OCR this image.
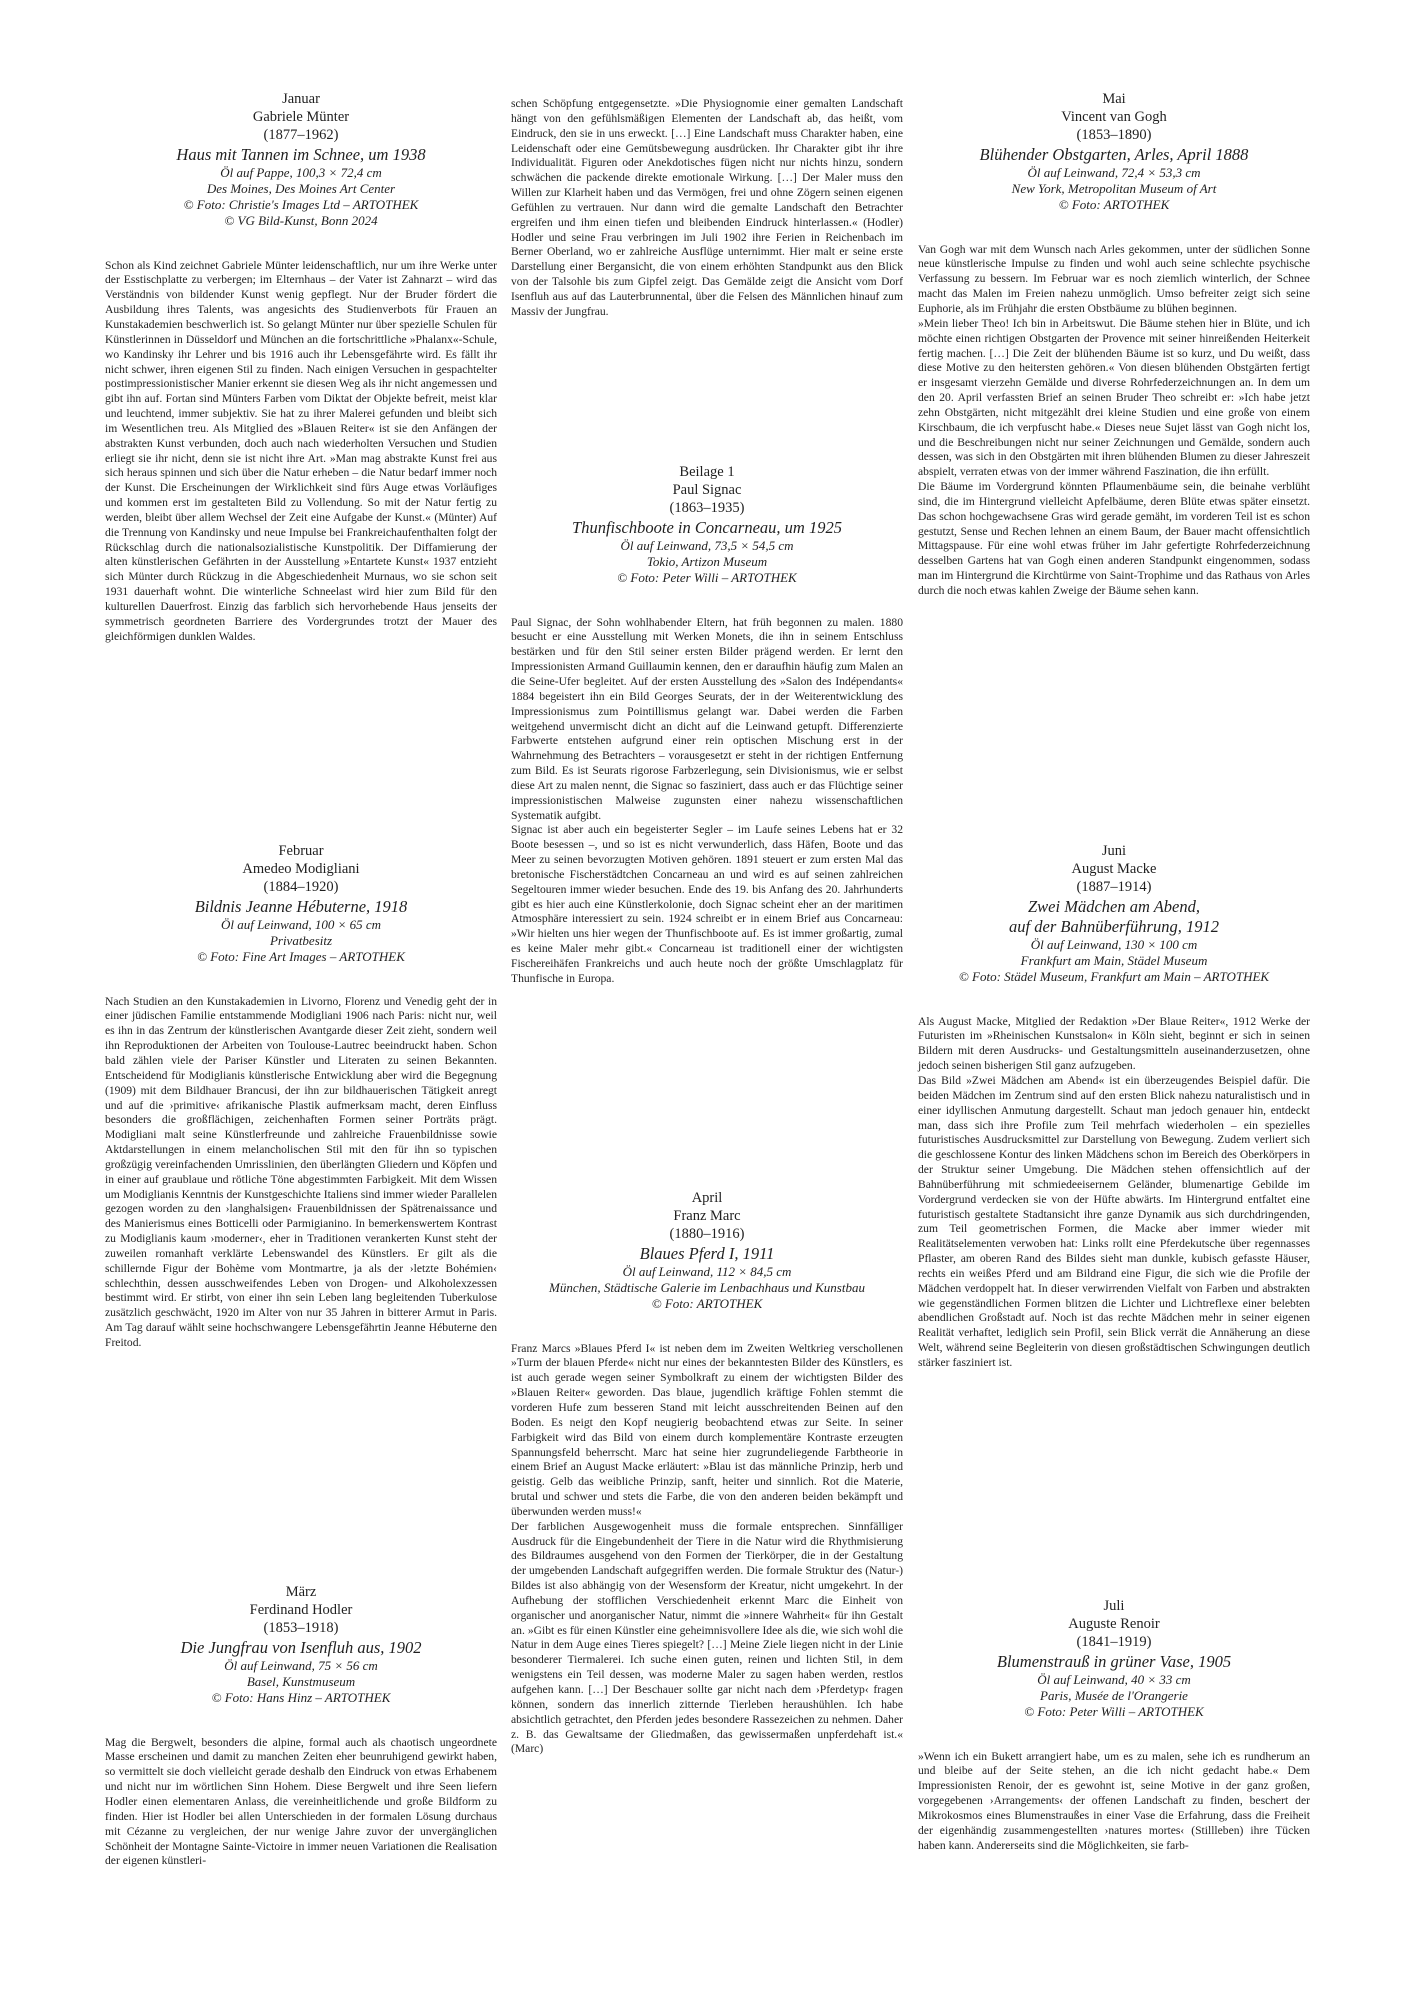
Januar
Gabriele Münter
(1877–1962)
Haus mit Tannen im Schnee, um 1938
Öl auf Pappe, 100,3 × 72,4 cm
Des Moines, Des Moines Art Center
© Foto: Christie's Images Ltd – ARTOTHEK
© VG Bild-Kunst, Bonn 2024

Schon als Kind zeichnet Gabriele Münter leidenschaftlich, nur um ihre Werke unter der Esstischplatte zu verbergen; im Elternhaus – der Vater ist Zahnarzt – wird das Verständnis von bildender Kunst wenig gepflegt. Nur der Bruder fördert die Ausbildung ihres Talents, was angesichts des Studienverbots für Frauen an Kunstakademien beschwerlich ist. So gelangt Münter nur über spezielle Schulen für Künstlerinnen in Düsseldorf und München an die fortschrittliche »Phalanx«-Schule, wo Kandinsky ihr Lehrer und bis 1916 auch ihr Lebensgefährte wird. Es fällt ihr nicht schwer, ihren eigenen Stil zu finden. Nach einigen Versuchen in gespachtelter postimpressionistischer Manier erkennt sie diesen Weg als ihr nicht angemessen und gibt ihn auf. Fortan sind Münters Farben vom Diktat der Objekte befreit, meist klar und leuchtend, immer subjektiv. Sie hat zu ihrer Malerei gefunden und bleibt sich im Wesentlichen treu. Als Mitglied des »Blauen Reiter« ist sie den Anfängen der abstrakten Kunst verbunden, doch auch nach wiederholten Versuchen und Studien erliegt sie ihr nicht, denn sie ist nicht ihre Art. »Man mag abstrakte Kunst frei aus sich heraus spinnen und sich über die Natur erheben – die Natur bedarf immer noch der Kunst. Die Erscheinungen der Wirklichkeit sind fürs Auge etwas Vorläufiges und kommen erst im gestalteten Bild zu Vollendung. So mit der Natur fertig zu werden, bleibt über allem Wechsel der Zeit eine Aufgabe der Kunst.« (Münter) Auf die Trennung von Kandinsky und neue Impulse bei Frankreichaufenthalten folgt der Rückschlag durch die nationalsozialistische Kunstpolitik. Der Diffamierung der alten künstlerischen Gefährten in der Ausstellung »Entartete Kunst« 1937 entzieht sich Münter durch Rückzug in die Abgeschiedenheit Murnaus, wo sie schon seit 1931 dauerhaft wohnt. Die winterliche Schneelast wird hier zum Bild für den kulturellen Dauerfrost. Einzig das farblich sich hervorhebende Haus jenseits der symmetrisch geordneten Barriere des Vordergrundes trotzt der Mauer des gleichförmigen dunklen Waldes.

Februar
Amedeo Modigliani
(1884–1920)
Bildnis Jeanne Hébuterne, 1918
Öl auf Leinwand, 100 × 65 cm
Privatbesitz
© Foto: Fine Art Images – ARTOTHEK

Nach Studien an den Kunstakademien in Livorno, Florenz und Venedig geht der in einer jüdischen Familie entstammende Modigliani 1906 nach Paris: nicht nur, weil es ihn in das Zentrum der künstlerischen Avantgarde dieser Zeit zieht, sondern weil ihn Reproduktionen der Arbeiten von Toulouse-Lautrec beeindruckt haben. Schon bald zählen viele der Pariser Künstler und Literaten zu seinen Bekannten. Entscheidend für Modiglianis künstlerische Entwicklung aber wird die Begegnung (1909) mit dem Bildhauer Brancusi, der ihn zur bildhauerischen Tätigkeit anregt und auf die ›primitive‹ afrikanische Plastik aufmerksam macht, deren Einfluss besonders die großflächigen, zeichenhaften Formen seiner Porträts prägt. Modigliani malt seine Künstlerfreunde und zahlreiche Frauenbildnisse sowie Aktdarstellungen in einem melancholischen Stil mit den für ihn so typischen großzügig vereinfachenden Umrisslinien, den überlängten Gliedern und Köpfen und in einer auf graublaue und rötliche Töne abgestimmten Farbigkeit. Mit dem Wissen um Modiglianis Kenntnis der Kunstgeschichte Italiens sind immer wieder Parallelen gezogen worden zu den ›langhalsigen‹ Frauenbildnissen der Spätrenaissance und des Manierismus eines Botticelli oder Parmigianino. In bemerkenswertem Kontrast zu Modiglianis kaum ›moderner‹, eher in Traditionen verankerten Kunst steht der zuweilen romanhaft verklärte Lebenswandel des Künstlers. Er gilt als die schillernde Figur der Bohème vom Montmartre, ja als der ›letzte Bohémien‹ schlechthin, dessen ausschweifendes Leben von Drogen- und Alkoholexzessen bestimmt wird. Er stirbt, von einer ihn sein Leben lang begleitenden Tuberkulose zusätzlich geschwächt, 1920 im Alter von nur 35 Jahren in bitterer Armut in Paris. Am Tag darauf wählt seine hochschwangere Lebensgefährtin Jeanne Hébuterne den Freitod.

März
Ferdinand Hodler
(1853–1918)
Die Jungfrau von Isenfluh aus, 1902
Öl auf Leinwand, 75 × 56 cm
Basel, Kunstmuseum
© Foto: Hans Hinz – ARTOTHEK

Mag die Bergwelt, besonders die alpine, formal auch als chaotisch ungeordnete Masse erscheinen und damit zu manchen Zeiten eher beunruhigend gewirkt haben, so vermittelt sie doch vielleicht gerade deshalb den Eindruck von etwas Erhabenem und nicht nur im wörtlichen Sinn Hohem. Diese Bergwelt und ihre Seen liefern Hodler einen elementaren Anlass, die vereinheitlichende und große Bildform zu finden. Hier ist Hodler bei allen Unterschieden in der formalen Lösung durchaus mit Cézanne zu vergleichen, der nur wenige Jahre zuvor der unvergänglichen Schönheit der Montagne Sainte-Victoire in immer neuen Variationen die Realisation der eigenen künstleri-

schen Schöpfung entgegensetzte. »Die Physiognomie einer gemalten Landschaft hängt von den gefühlsmäßigen Elementen der Landschaft ab, das heißt, vom Eindruck, den sie in uns erweckt. […] Eine Landschaft muss Charakter haben, eine Leidenschaft oder eine Gemütsbewegung ausdrücken. Ihr Charakter gibt ihr ihre Individualität. Figuren oder Anekdotisches fügen nicht nur nichts hinzu, sondern schwächen die packende direkte emotionale Wirkung. […] Der Maler muss den Willen zur Klarheit haben und das Vermögen, frei und ohne Zögern seinen eigenen Gefühlen zu vertrauen. Nur dann wird die gemalte Landschaft den Betrachter ergreifen und ihm einen tiefen und bleibenden Eindruck hinterlassen.« (Hodler) Hodler und seine Frau verbringen im Juli 1902 ihre Ferien in Reichenbach im Berner Oberland, wo er zahlreiche Ausflüge unternimmt. Hier malt er seine erste Darstellung einer Bergansicht, die von einem erhöhten Standpunkt aus den Blick von der Talsohle bis zum Gipfel zeigt. Das Gemälde zeigt die Ansicht vom Dorf Isenfluh aus auf das Lauterbrunnental, über die Felsen des Männlichen hinauf zum Massiv der Jungfrau.

Beilage 1
Paul Signac
(1863–1935)
Thunfischboote in Concarneau, um 1925
Öl auf Leinwand, 73,5 × 54,5 cm
Tokio, Artizon Museum
© Foto: Peter Willi – ARTOTHEK

Paul Signac, der Sohn wohlhabender Eltern, hat früh begonnen zu malen. 1880 besucht er eine Ausstellung mit Werken Monets, die ihn in seinem Entschluss bestärken und für den Stil seiner ersten Bilder prägend werden. Er lernt den Impressionisten Armand Guillaumin kennen, den er daraufhin häufig zum Malen an die Seine-Ufer begleitet. Auf der ersten Ausstellung des »Salon des Indépendants« 1884 begeistert ihn ein Bild Georges Seurats, der in der Weiterentwicklung des Impressionismus zum Pointillismus gelangt war. Dabei werden die Farben weitgehend unvermischt dicht an dicht auf die Leinwand getupft. Differenzierte Farbwerte entstehen aufgrund einer rein optischen Mischung erst in der Wahrnehmung des Betrachters – vorausgesetzt er steht in der richtigen Entfernung zum Bild. Es ist Seurats rigorose Farbzerlegung, sein Divisionismus, wie er selbst diese Art zu malen nennt, die Signac so fasziniert, dass auch er das Flüchtige seiner impressionistischen Malweise zugunsten einer nahezu wissenschaftlichen Systematik aufgibt.

Signac ist aber auch ein begeisterter Segler – im Laufe seines Lebens hat er 32 Boote besessen –, und so ist es nicht verwunderlich, dass Häfen, Boote und das Meer zu seinen bevorzugten Motiven gehören. 1891 steuert er zum ersten Mal das bretonische Fischerstädtchen Concarneau an und wird es auf seinen zahlreichen Segeltouren immer wieder besuchen. Ende des 19. bis Anfang des 20. Jahrhunderts gibt es hier auch eine Künstlerkolonie, doch Signac scheint eher an der maritimen Atmosphäre interessiert zu sein. 1924 schreibt er in einem Brief aus Concarneau: »Wir hielten uns hier wegen der Thunfischboote auf. Es ist immer großartig, zumal es keine Maler mehr gibt.« Concarneau ist traditionell einer der wichtigsten Fischereihäfen Frankreichs und auch heute noch der größte Umschlagplatz für Thunfische in Europa.

April
Franz Marc
(1880–1916)
Blaues Pferd I, 1911
Öl auf Leinwand, 112 × 84,5 cm
München, Städtische Galerie im Lenbachhaus und Kunstbau
© Foto: ARTOTHEK

Franz Marcs »Blaues Pferd I« ist neben dem im Zweiten Weltkrieg verschollenen »Turm der blauen Pferde« nicht nur eines der bekanntesten Bilder des Künstlers, es ist auch gerade wegen seiner Symbolkraft zu einem der wichtigsten Bilder des »Blauen Reiter« geworden. Das blaue, jugendlich kräftige Fohlen stemmt die vorderen Hufe zum besseren Stand mit leicht ausschreitenden Beinen auf den Boden. Es neigt den Kopf neugierig beobachtend etwas zur Seite. In seiner Farbigkeit wird das Bild von einem durch komplementäre Kontraste erzeugten Spannungsfeld beherrscht. Marc hat seine hier zugrundeliegende Farbtheorie in einem Brief an August Macke erläutert: »Blau ist das männliche Prinzip, herb und geistig. Gelb das weibliche Prinzip, sanft, heiter und sinnlich. Rot die Materie, brutal und schwer und stets die Farbe, die von den anderen beiden bekämpft und überwunden werden muss!«

Der farblichen Ausgewogenheit muss die formale entsprechen. Sinnfälliger Ausdruck für die Eingebundenheit der Tiere in die Natur wird die Rhythmisierung des Bildraumes ausgehend von den Formen der Tierkörper, die in der Gestaltung der umgebenden Landschaft aufgegriffen werden. Die formale Struktur des (Natur-) Bildes ist also abhängig von der Wesensform der Kreatur, nicht umgekehrt. In der Aufhebung der stofflichen Verschiedenheit erkennt Marc die Einheit von organischer und anorganischer Natur, nimmt die »innere Wahrheit« für ihn Gestalt an. »Gibt es für einen Künstler eine geheimnisvollere Idee als die, wie sich wohl die Natur in dem Auge eines Tieres spiegelt? […] Meine Ziele liegen nicht in der Linie besonderer Tiermalerei. Ich suche einen guten, reinen und lichten Stil, in dem wenigstens ein Teil dessen, was moderne Maler zu sagen haben werden, restlos aufgehen kann. […] Der Beschauer sollte gar nicht nach dem ›Pferdetyp‹ fragen können, sondern das innerlich zitternde Tierleben heraushühlen. Ich habe absichtlich getrachtet, den Pferden jedes besondere Rassezeichen zu nehmen. Daher z. B. das Gewaltsame der Gliedmaßen, das gewissermaßen unpferdehaft ist.« (Marc)

Mai
Vincent van Gogh
(1853–1890)
Blühender Obstgarten, Arles, April 1888
Öl auf Leinwand, 72,4 × 53,3 cm
New York, Metropolitan Museum of Art
© Foto: ARTOTHEK

Van Gogh war mit dem Wunsch nach Arles gekommen, unter der südlichen Sonne neue künstlerische Impulse zu finden und wohl auch seine schlechte psychische Verfassung zu bessern. Im Februar war es noch ziemlich winterlich, der Schnee macht das Malen im Freien nahezu unmöglich. Umso befreiter zeigt sich seine Euphorie, als im Frühjahr die ersten Obstbäume zu blühen beginnen.

»Mein lieber Theo! Ich bin in Arbeitswut. Die Bäume stehen hier in Blüte, und ich möchte einen richtigen Obstgarten der Provence mit seiner hinreißenden Heiterkeit fertig machen. […] Die Zeit der blühenden Bäume ist so kurz, und Du weißt, dass diese Motive zu den heitersten gehören.« Von diesen blühenden Obstgärten fertigt er insgesamt vierzehn Gemälde und diverse Rohrfederzeichnungen an. In dem um den 20. April verfassten Brief an seinen Bruder Theo schreibt er: »Ich habe jetzt zehn Obstgärten, nicht mitgezählt drei kleine Studien und eine große von einem Kirschbaum, die ich verpfuscht habe.« Dieses neue Sujet lässt van Gogh nicht los, und die Beschreibungen nicht nur seiner Zeichnungen und Gemälde, sondern auch dessen, was sich in den Obstgärten mit ihren blühenden Blumen zu dieser Jahreszeit abspielt, verraten etwas von der immer während Faszination, die ihn erfüllt.

Die Bäume im Vordergrund könnten Pflaumenbäume sein, die beinahe verblüht sind, die im Hintergrund vielleicht Apfelbäume, deren Blüte etwas später einsetzt. Das schon hochgewachsene Gras wird gerade gemäht, im vorderen Teil ist es schon gestutzt, Sense und Rechen lehnen an einem Baum, der Bauer macht offensichtlich Mittagspause. Für eine wohl etwas früher im Jahr gefertigte Rohrfederzeichnung desselben Gartens hat van Gogh einen anderen Standpunkt eingenommen, sodass man im Hintergrund die Kirchtürme von Saint-Trophime und das Rathaus von Arles durch die noch etwas kahlen Zweige der Bäume sehen kann.

Juni
August Macke
(1887–1914)
Zwei Mädchen am Abend,
auf der Bahnüberführung, 1912
Öl auf Leinwand, 130 × 100 cm
Frankfurt am Main, Städel Museum
© Foto: Städel Museum, Frankfurt am Main – ARTOTHEK

Als August Macke, Mitglied der Redaktion »Der Blaue Reiter«, 1912 Werke der Futuristen im »Rheinischen Kunstsalon« in Köln sieht, beginnt er sich in seinen Bildern mit deren Ausdrucks- und Gestaltungsmitteln auseinanderzusetzen, ohne jedoch seinen bisherigen Stil ganz aufzugeben.

Das Bild »Zwei Mädchen am Abend« ist ein überzeugendes Beispiel dafür. Die beiden Mädchen im Zentrum sind auf den ersten Blick nahezu naturalistisch und in einer idyllischen Anmutung dargestellt. Schaut man jedoch genauer hin, entdeckt man, dass sich ihre Profile zum Teil mehrfach wiederholen – ein spezielles futuristisches Ausdrucksmittel zur Darstellung von Bewegung. Zudem verliert sich die geschlossene Kontur des linken Mädchens schon im Bereich des Oberkörpers in der Struktur seiner Umgebung. Die Mädchen stehen offensichtlich auf der Bahnüberführung mit schmiedeeisernem Geländer, blumenartige Gebilde im Vordergrund verdecken sie von der Hüfte abwärts. Im Hintergrund entfaltet eine futuristisch gestaltete Stadtansicht ihre ganze Dynamik aus sich durchdringenden, zum Teil geometrischen Formen, die Macke aber immer wieder mit Realitätselementen verwoben hat: Links rollt eine Pferdekutsche über regennasses Pflaster, am oberen Rand des Bildes sieht man dunkle, kubisch gefasste Häuser, rechts ein weißes Pferd und am Bildrand eine Figur, die sich wie die Profile der Mädchen verdoppelt hat. In dieser verwirrenden Vielfalt von Farben und abstrakten wie gegenständlichen Formen blitzen die Lichter und Lichtreflexe einer belebten abendlichen Großstadt auf. Noch ist das rechte Mädchen mehr in seiner eigenen Realität verhaftet, lediglich sein Profil, sein Blick verrät die Annäherung an diese Welt, während seine Begleiterin von diesen großstädtischen Schwingungen deutlich stärker fasziniert ist.

Juli
Auguste Renoir
(1841–1919)
Blumenstrauß in grüner Vase, 1905
Öl auf Leinwand, 40 × 33 cm
Paris, Musée de l'Orangerie
© Foto: Peter Willi – ARTOTHEK

»Wenn ich ein Bukett arrangiert habe, um es zu malen, sehe ich es rundherum an und bleibe auf der Seite stehen, an die ich nicht gedacht habe.« Dem Impressionisten Renoir, der es gewohnt ist, seine Motive in der ganz großen, vorgegebenen ›Arrangements‹ der offenen Landschaft zu finden, beschert der Mikrokosmos eines Blumenstraußes in einer Vase die Erfahrung, dass die Freiheit der eigenhändig zusammengestellten ›natures mortes‹ (Stillleben) ihre Tücken haben kann. Andererseits sind die Möglichkeiten, sie farb-
